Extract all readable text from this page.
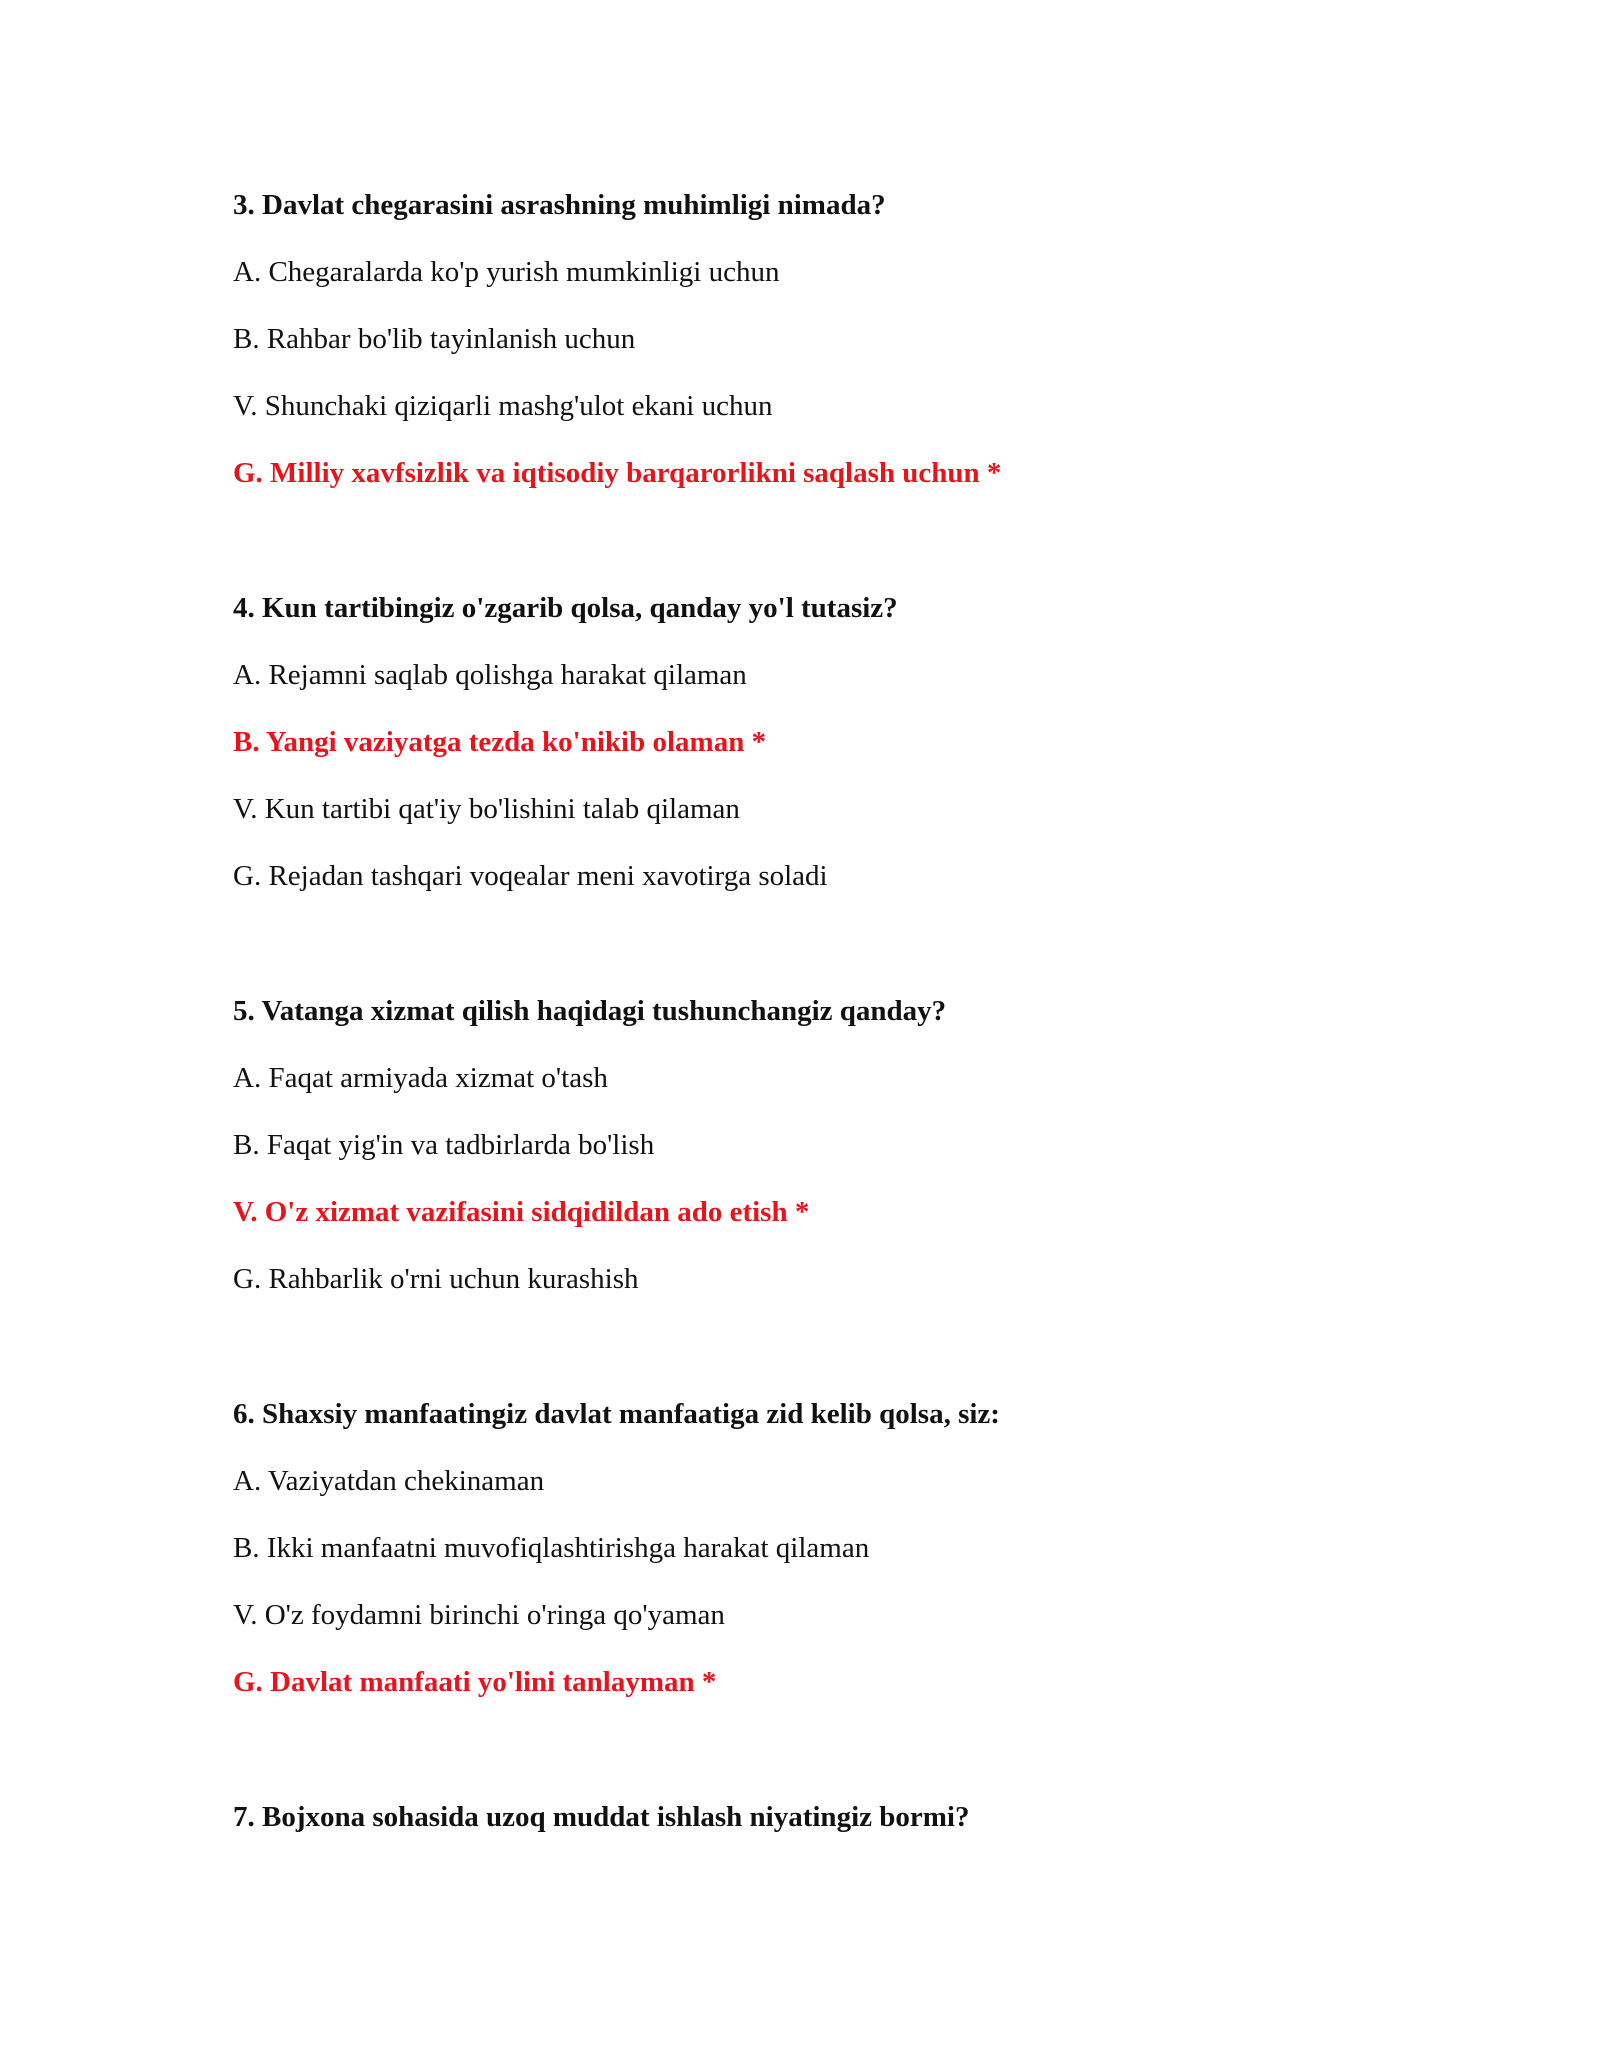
3. Davlat chegarasini asrashning muhimligi nimada?

A. Chegaralarda ko'p yurish mumkinligi uchun

B. Rahbar bo'lib tayinlanish uchun

V. Shunchaki qiziqarli mashg'ulot ekani uchun

G. Milliy xavfsizlik va iqtisodiy barqarorlikni saqlash uchun *

4. Kun tartibingiz o'zgarib qolsa, qanday yo'l tutasiz?

A. Rejamni saqlab qolishga harakat qilaman

B. Yangi vaziyatga tezda ko'nikib olaman *

V. Kun tartibi qat'iy bo'lishini talab qilaman

G. Rejadan tashqari voqealar meni xavotirga soladi

5. Vatanga xizmat qilish haqidagi tushunchangiz qanday?

A. Faqat armiyada xizmat o'tash

B. Faqat yig'in va tadbirlarda bo'lish

V. O'z xizmat vazifasini sidqidildan ado etish *

G. Rahbarlik o'rni uchun kurashish

6. Shaxsiy manfaatingiz davlat manfaatiga zid kelib qolsa, siz:

A. Vaziyatdan chekinaman

B. Ikki manfaatni muvofiqlashtirishga harakat qilaman

V. O'z foydamni birinchi o'ringa qo'yaman

G. Davlat manfaati yo'lini tanlayman *

7. Bojxona sohasida uzoq muddat ishlash niyatingiz bormi?
